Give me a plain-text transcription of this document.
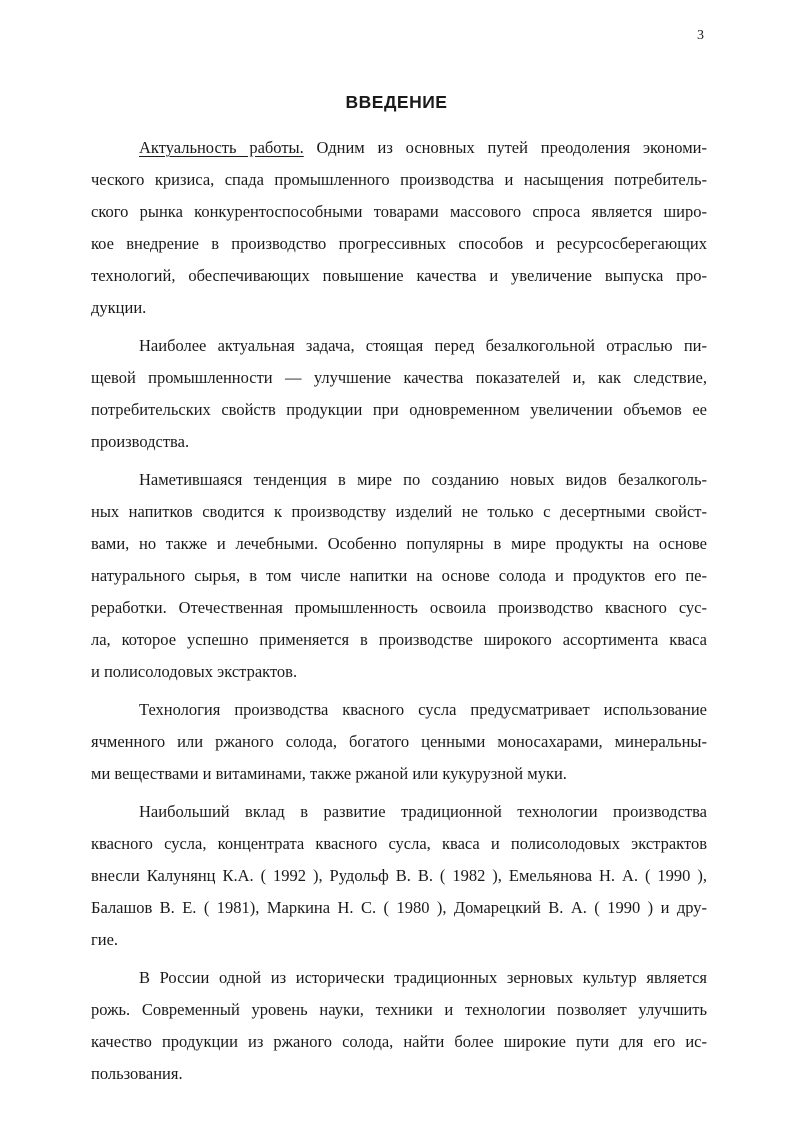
3
ВВЕДЕНИЕ
Актуальность работы. Одним из основных путей преодоления экономи-
ческого кризиса, спада промышленного производства и насыщения потребитель-
ского рынка конкурентоспособными товарами массового спроса является широ-
кое внедрение в производство прогрессивных способов и ресурсосберегающих
технологий, обеспечивающих повышение качества и увеличение выпуска про-
дукции.
Наиболее актуальная задача, стоящая перед безалкогольной отраслью пи-
щевой промышленности — улучшение качества показателей и, как следствие,
потребительских свойств продукции при одновременном увеличении объемов ее
производства.
Наметившаяся тенденция в мире по созданию новых видов безалкоголь-
ных напитков сводится к производству изделий не только с десертными свойст-
вами, но также и лечебными. Особенно популярны в мире продукты на основе
натурального сырья, в том числе напитки на основе солода и продуктов его пе-
реработки. Отечественная промышленность освоила производство квасного сус-
ла, которое успешно применяется в производстве широкого ассортимента кваса
и полисолодовых экстрактов.
Технология производства квасного сусла предусматривает использование
ячменного или ржаного солода, богатого ценными моносахарами, минеральны-
ми веществами и витаминами, также ржаной или кукурузной муки.
Наибольший вклад в развитие традиционной технологии производства
квасного сусла, концентрата квасного сусла, кваса и полисолодовых экстрактов
внесли Калунянц К.А. ( 1992 ), Рудольф В. В. ( 1982 ), Емельянова Н. А. ( 1990 ),
Балашов В. Е. ( 1981), Маркина Н. С. ( 1980 ), Домарецкий В. А. ( 1990 ) и дру-
гие.
В России одной из исторически традиционных зерновых культур является
рожь. Современный уровень науки, техники и технологии позволяет улучшить
качество продукции из ржаного солода, найти более широкие пути для его ис-
пользования.
